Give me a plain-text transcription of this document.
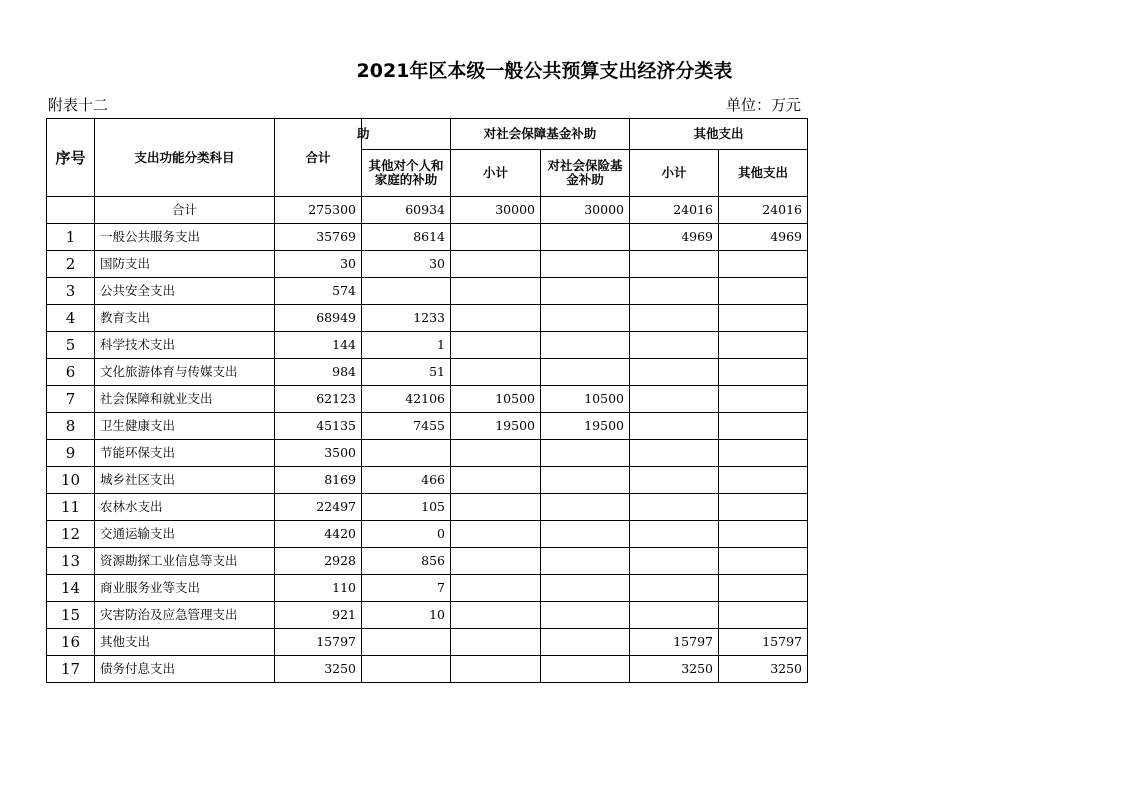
2021年区本级一般公共预算支出经济分类表
附表十二	单位：万元
序号	支出功能分类科目	合计	助	对社会保障基金补助		其他支出	
			其他对个人和家庭的补助	小计	对社会保险基金补助	小计	其他支出
	合计	275300	60934	30000	30000	24016	24016
1	一般公共服务支出	35769	8614			4969	4969
2	国防支出	30	30				
3	公共安全支出	574					
4	教育支出	68949	1233				
5	科学技术支出	144	1				
6	文化旅游体育与传媒支出	984	51				
7	社会保障和就业支出	62123	42106	10500	10500		
8	卫生健康支出	45135	7455	19500	19500		
9	节能环保支出	3500					
10	城乡社区支出	8169	466				
11	农林水支出	22497	105				
12	交通运输支出	4420	0				
13	资源勘探工业信息等支出	2928	856				
14	商业服务业等支出	110	7				
15	灾害防治及应急管理支出	921	10				
16	其他支出	15797				15797	15797
17	债务付息支出	3250				3250	3250
